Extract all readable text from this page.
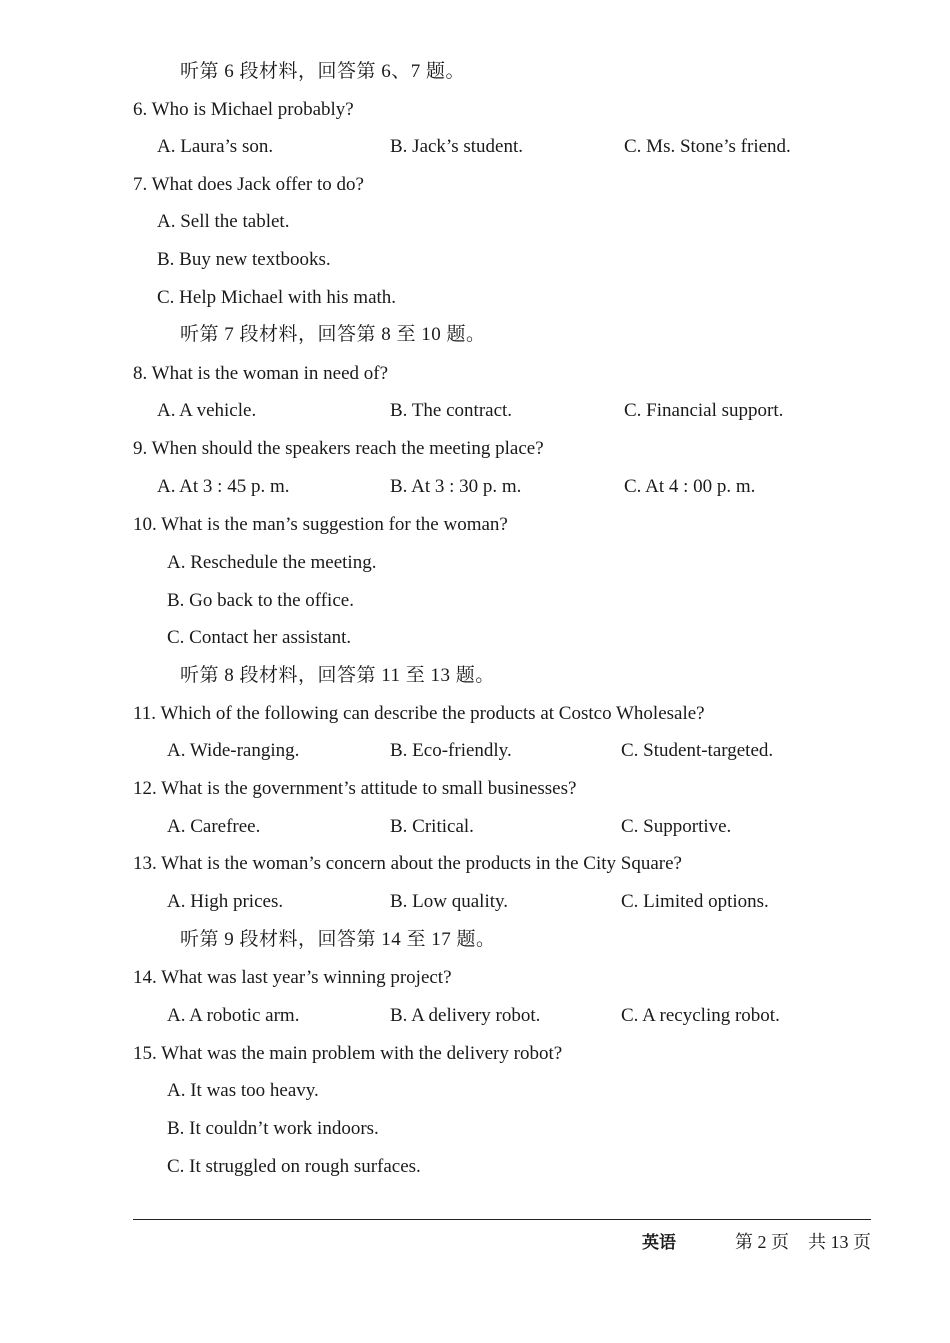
听第 6 段材料，回答第 6、7 题。
6. Who is Michael probably?
A. Laura’s son.	B. Jack’s student.	C. Ms. Stone’s friend.
7. What does Jack offer to do?
A. Sell the tablet.
B. Buy new textbooks.
C. Help Michael with his math.
听第 7 段材料，回答第 8 至 10 题。
8. What is the woman in need of?
A. A vehicle.	B. The contract.	C. Financial support.
9. When should the speakers reach the meeting place?
A. At 3 : 45 p. m.	B. At 3 : 30 p. m.	C. At 4 : 00 p. m.
10. What is the man’s suggestion for the woman?
A. Reschedule the meeting.
B. Go back to the office.
C. Contact her assistant.
听第 8 段材料，回答第 11 至 13 题。
11. Which of the following can describe the products at Costco Wholesale?
A. Wide-ranging.	B. Eco-friendly.	C. Student-targeted.
12. What is the government’s attitude to small businesses?
A. Carefree.	B. Critical.	C. Supportive.
13. What is the woman’s concern about the products in the City Square?
A. High prices.	B. Low quality.	C. Limited options.
听第 9 段材料，回答第 14 至 17 题。
14. What was last year’s winning project?
A. A robotic arm.	B. A delivery robot.	C. A recycling robot.
15. What was the main problem with the delivery robot?
A. It was too heavy.
B. It couldn’t work indoors.
C. It struggled on rough surfaces.
英语	第 2 页 共 13 页
